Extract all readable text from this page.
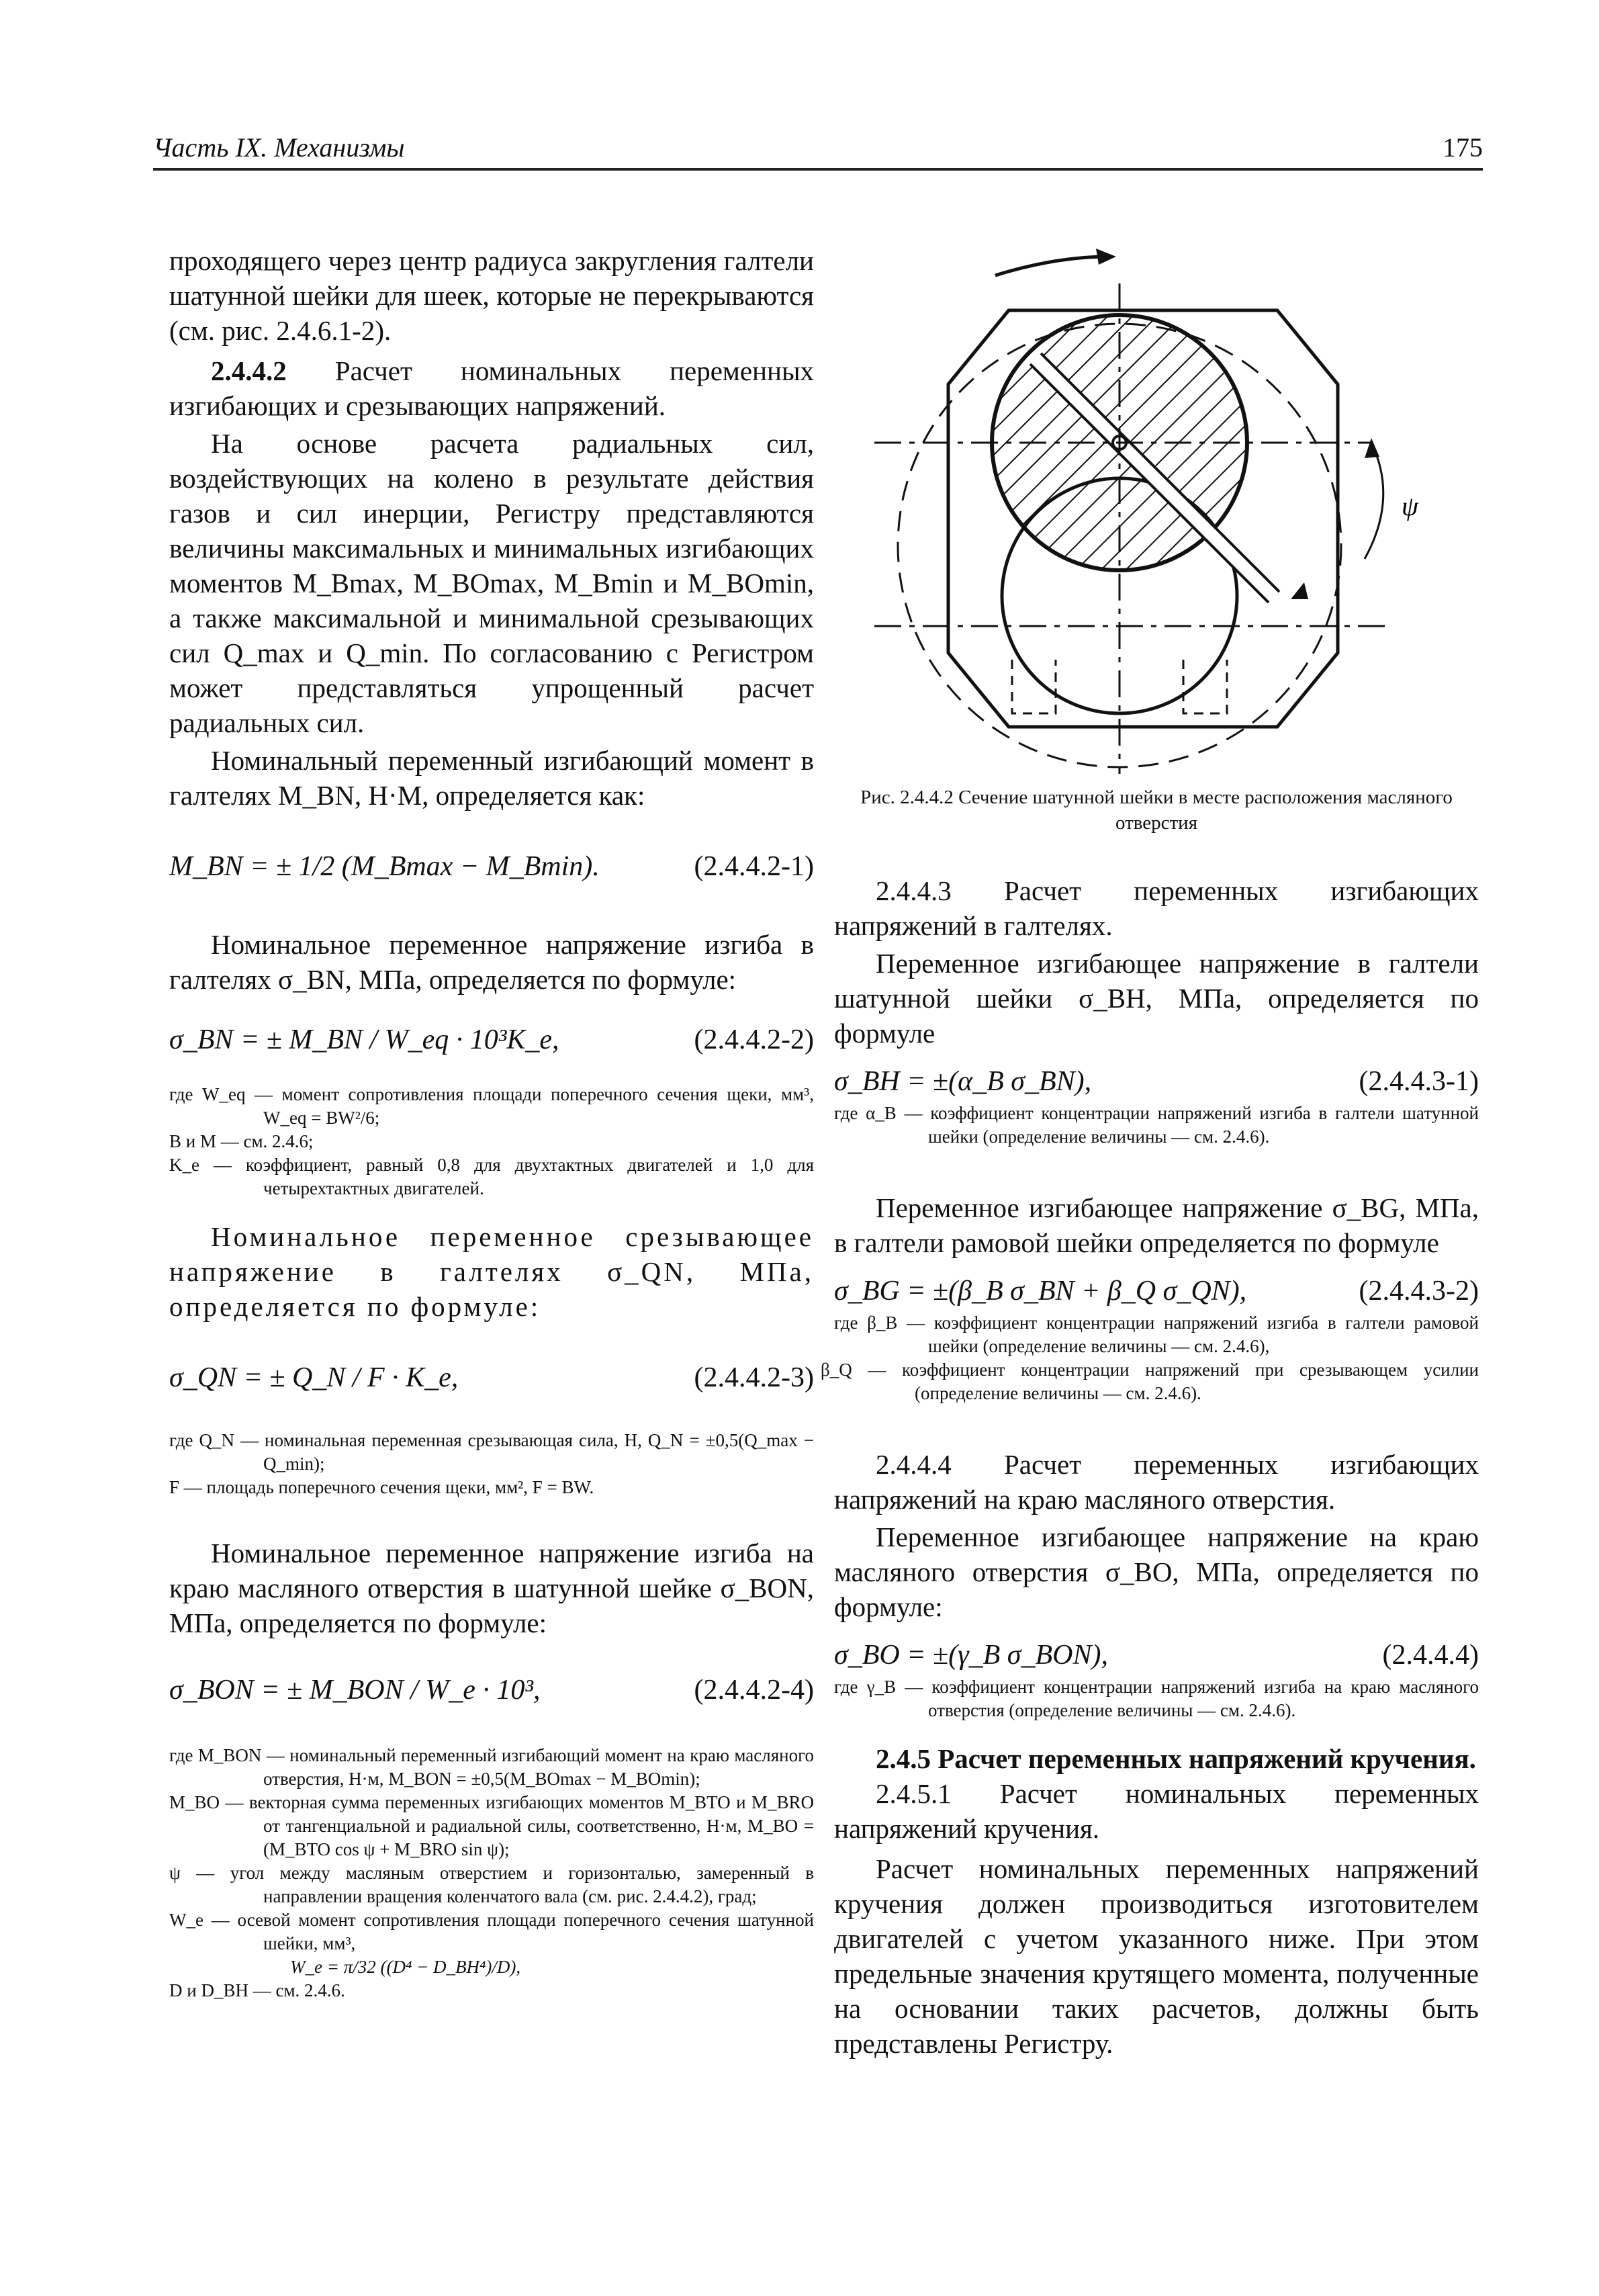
Часть IX. Механизмы	175

проходящего через центр радиуса закругления галтели шатунной шейки для шеек, которые не перекрываются (см. рис. 2.4.6.1-2).

2.4.4.2 Расчет номинальных переменных изгибающих и срезывающих напряжений.

На основе расчета радиальных сил, воздействующих на колено в результате действия газов и сил инерции, Регистру представляются величины максимальных и минимальных изгибающих моментов M_Bmax, M_BOmax, M_Bmin и M_BOmin, а также максимальной и минимальной срезывающих сил Q_max и Q_min. По согласованию с Регистром может представляться упрощенный расчет радиальных сил.

Номинальный переменный изгибающий момент в галтелях M_BN, Н·М, определяется как:

M_BN = ± 1/2 (M_Bmax − M_Bmin).	(2.4.4.2-1)

Номинальное переменное напряжение изгиба в галтелях σ_BN, МПа, определяется по формуле:

σ_BN = ± M_BN / W_eq · 10³K_e,	(2.4.4.2-2)
где W_eq — момент сопротивления площади поперечного сечения щеки, мм³, W_eq = BW²/6;
B и M — см. 2.4.6;
K_e — коэффициент, равный 0,8 для двухтактных двигателей и 1,0 для четырехтактных двигателей.

Номинальное переменное срезывающее напряжение в галтелях σ_QN, МПа, определяется по формуле:

σ_QN = ± Q_N / F · K_e,	(2.4.4.2-3)
где Q_N — номинальная переменная срезывающая сила, Н, Q_N = ±0,5(Q_max − Q_min);
F — площадь поперечного сечения щеки, мм², F = BW.

Номинальное переменное напряжение изгиба на краю масляного отверстия в шатунной шейке σ_BON, МПа, определяется по формуле:

σ_BON = ± M_BON / W_e · 10³,	(2.4.4.2-4)
где M_BON — номинальный переменный изгибающий момент на краю масляного отверстия, Н·м, M_BON = ±0,5(M_BOmax − M_BOmin);
M_BO — векторная сумма переменных изгибающих моментов M_BTO и M_BRO от тангенциальной и радиальной силы, соответственно, Н·м, M_BO = (M_BTO cos ψ + M_BRO sin ψ);
ψ — угол между масляным отверстием и горизонталью, замеренный в направлении вращения коленчатого вала (см. рис. 2.4.4.2), град;
W_e — осевой момент сопротивления площади поперечного сечения шатунной шейки, мм³,
W_e = π/32 ((D⁴ − D_BH⁴)/D),
D и D_BH — см. 2.4.6.
ψ
Рис. 2.4.4.2 Сечение шатунной шейки в месте расположения масляного отверстия

2.4.4.3 Расчет переменных изгибающих напряжений в галтелях.

Переменное изгибающее напряжение в галтели шатунной шейки σ_BH, МПа, определяется по формуле

σ_BH = ±(α_B σ_BN),	(2.4.4.3-1)
где α_B — коэффициент концентрации напряжений изгиба в галтели шатунной шейки (определение величины — см. 2.4.6).

Переменное изгибающее напряжение σ_BG, МПа, в галтели рамовой шейки определяется по формуле

σ_BG = ±(β_B σ_BN + β_Q σ_QN),	(2.4.4.3-2)
где β_B — коэффициент концентрации напряжений изгиба в галтели рамовой шейки (определение величины — см. 2.4.6),
β_Q — коэффициент концентрации напряжений при срезывающем усилии (определение величины — см. 2.4.6).

2.4.4.4 Расчет переменных изгибающих напряжений на краю масляного отверстия.

Переменное изгибающее напряжение на краю масляного отверстия σ_BO, МПа, определяется по формуле:

σ_BO = ±(γ_B σ_BON),	(2.4.4.4)
где γ_B — коэффициент концентрации напряжений изгиба на краю масляного отверстия (определение величины — см. 2.4.6).

2.4.5 Расчет переменных напряжений кручения.

2.4.5.1 Расчет номинальных переменных напряжений кручения.

Расчет номинальных переменных напряжений кручения должен производиться изготовителем двигателей с учетом указанного ниже. При этом предельные значения крутящего момента, полученные на основании таких расчетов, должны быть представлены Регистру.
